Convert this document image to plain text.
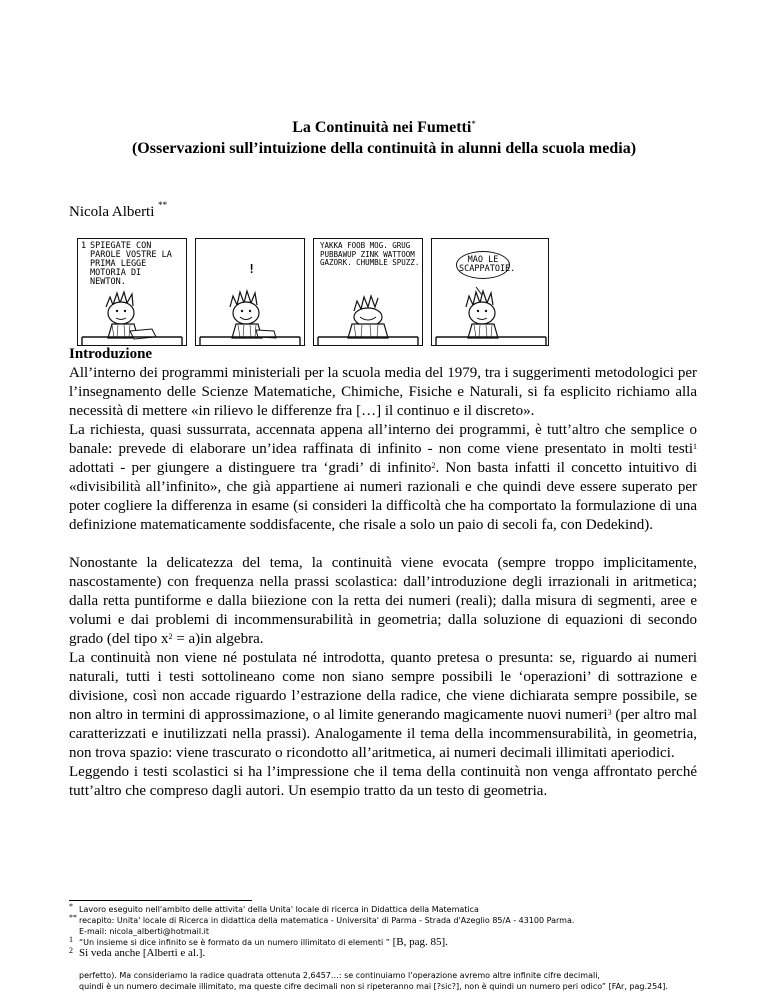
La Continuità nei Fumetti*
(Osservazioni sull’intuizione della continuità in alunni della scuola media)
Nicola Alberti **
1 SPIEGATE CON PAROLE VOSTRE LA PRIMA LEGGE MOTORIA DI NEWTON.
!
YAKKA FOOB MOG. GRUG PUBBAWUP ZINK WATTOOM GAZORK. CHUMBLE SPUZZ.	MAO LE SCAPPATOIE.

Introduzione

All’interno dei programmi ministeriali per la scuola media del 1979, tra i suggerimenti metodologici per l’insegnamento delle Scienze Matematiche, Chimiche, Fisiche e Naturali, si fa esplicito richiamo alla necessità di mettere «in rilievo le differenze fra […] il continuo e il discreto».

La richiesta, quasi sussurrata, accennata appena all’interno dei programmi, è tutt’altro che semplice o banale: prevede di elaborare un’idea raffinata di infinito - non come viene presentato in molti testi$^1$ adottati - per giungere a distinguere tra ‘gradi’ di infinito$^2$. Non basta infatti il concetto intuitivo di «divisibilità all’infinito», che già appartiene ai numeri razionali e che quindi deve essere superato per poter cogliere la differenza in esame (si consideri la difficoltà che ha comportato la formulazione di una definizione matematicamente soddisfacente, che risale a solo un paio di secoli fa, con Dedekind).

Nonostante la delicatezza del tema, la continuità viene evocata (sempre troppo implicitamente, nascostamente) con frequenza nella prassi scolastica: dall’introduzione degli irrazionali in aritmetica; dalla retta puntiforme e dalla biiezione con la retta dei numeri (reali); dalla misura di segmenti, aree e volumi e dai problemi di incommensurabilità in geometria; dalla soluzione di equazioni di secondo grado (del tipo $x^2 = a)in$ algebra.

La continuità non viene né postulata né introdotta, quanto pretesa o presunta: se, riguardo ai numeri naturali, tutti i testi sottolineano come non siano sempre possibili le ‘operazioni’ di sottrazione e divisione, così non accade riguardo l’estrazione della radice, che viene dichiarata sempre possibile, se non altro in termini di approssimazione, o al limite generando magicamente nuovi numeri$^3$ (per altro mal caratterizzati e inutilizzati nella prassi). Analogamente il tema della incommensurabilità, in geometria, non trova spazio: viene trascurato o ricondotto all’aritmetica, ai numeri decimali illimitati aperiodici.

Leggendo i testi scolastici si ha l’impressione che il tema della continuità non venga affrontato perché tutt’altro che compreso dagli autori. Un esempio tratto da un testo di geometria.

* Lavoro eseguito nell'ambito delle attivita' della Unita' locale di ricerca in Didattica della Matematica
** recapito: Unita' locale di Ricerca in didattica della matematica - Universita' di Parma - Strada d'Azeglio 85/A - 43100 Parma.
E-mail: nicola_alberti@hotmail.it
1 “Un insieme si dice infinito se è formato da un numero illimitato di elementi ” [B, pag. 85].
2 Si veda anche [Alberti e al.].
perfetto). Ma consideriamo la radice quadrata ottenuta 2,6457…: se continuiamo l’operazione avremo altre infinite cifre decimali,
quindi è un numero decimale illimitato, ma queste cifre decimali non si ripeteranno mai [?sic?], non è quindi un numero peri odico” [FAr, pag.254].
